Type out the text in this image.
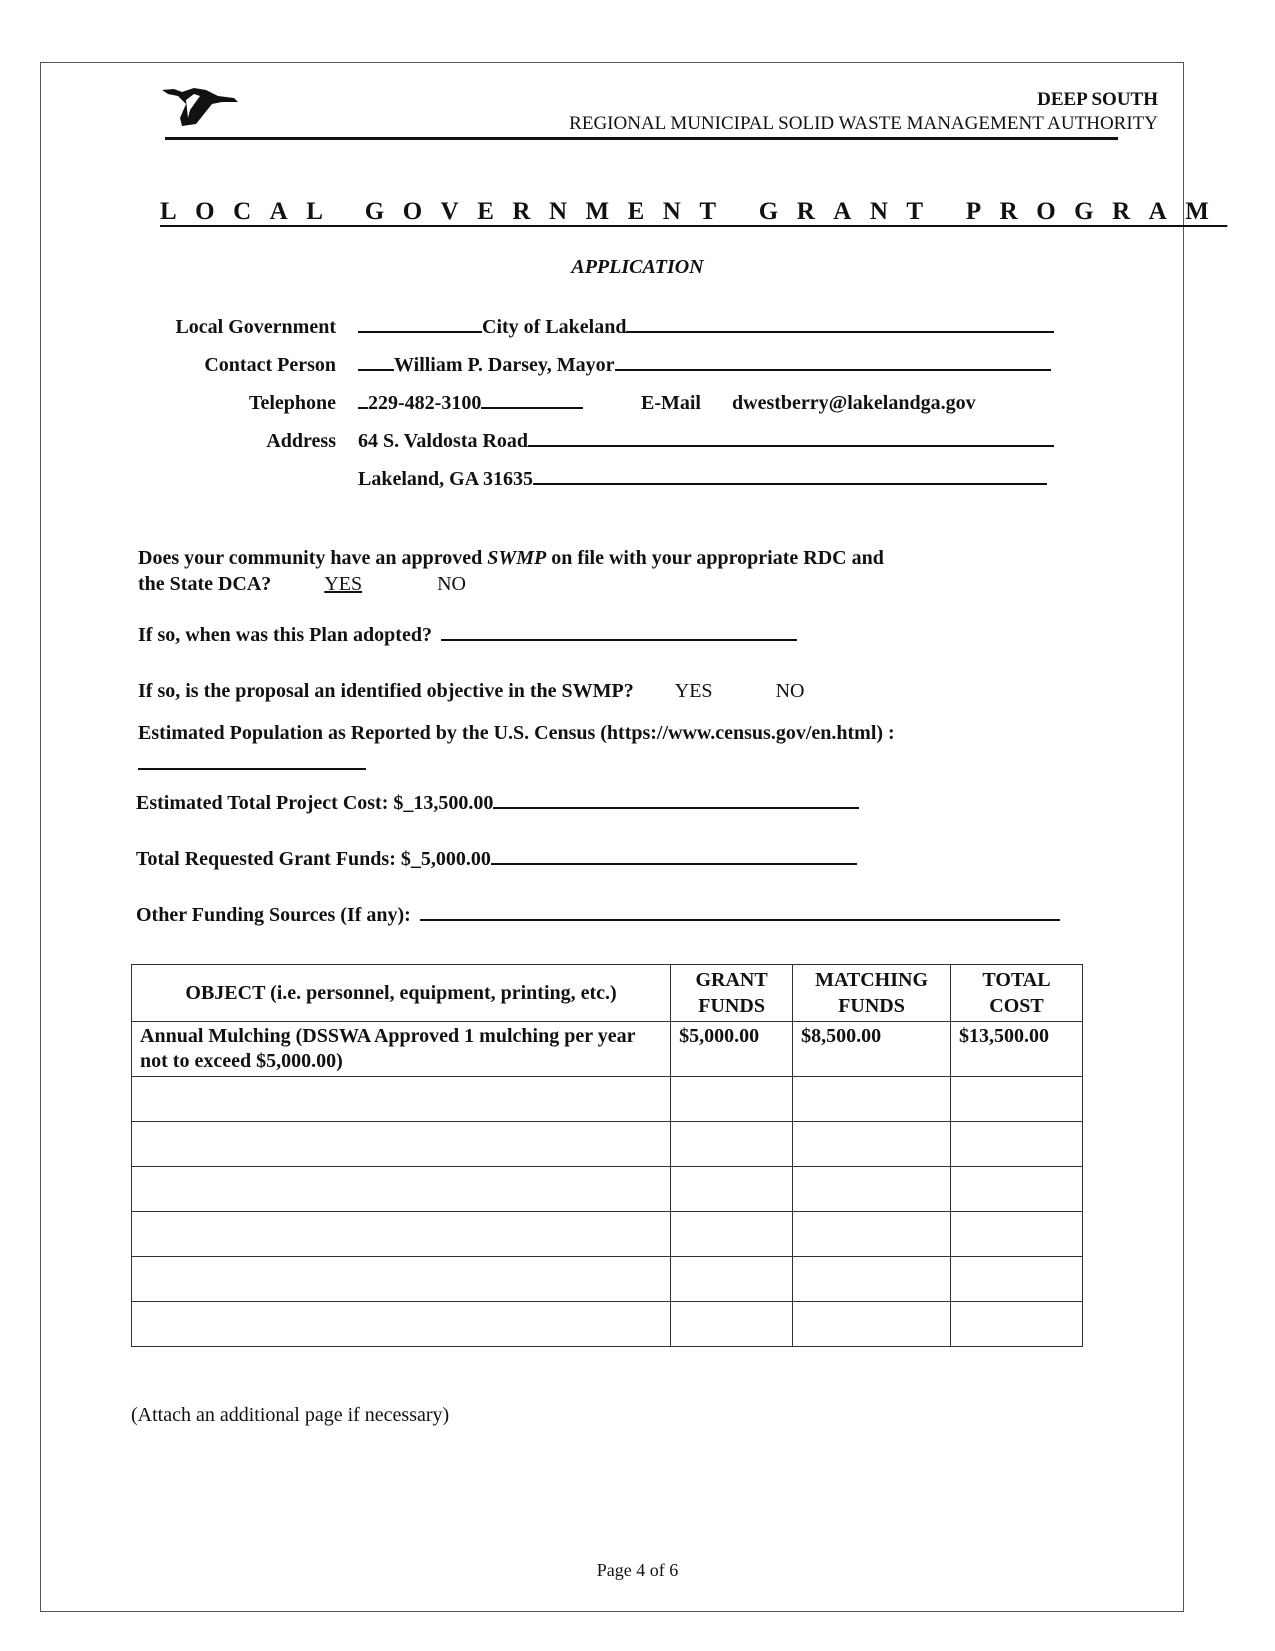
DEEP SOUTH
REGIONAL MUNICIPAL SOLID WASTE MANAGEMENT AUTHORITY
LOCAL GOVERNMENT GRANT PROGRAM
APPLICATION
Local Government	City of Lakeland
Contact Person	William P. Darsey, Mayor
Telephone	229-482-3100	E-Mail dwestberry@lakelandga.gov
Address 64 S. Valdosta Road
Lakeland, GA 31635
Does your community have an approved SWMP on file with your appropriate RDC and
the State DCA?	YES	NO
If so, when was this Plan adopted?
If so, is the proposal an identified objective in the SWMP? YES	NO
Estimated Population as Reported by the U.S. Census (https://www.census.gov/en.html) :
Estimated Total Project Cost: $_13,500.00
Total Requested Grant Funds: $_5,000.00
Other Funding Sources (If any):
OBJECT (i.e. personnel, equipment, printing, etc.)	GRANT FUNDS	MATCHING FUNDS	TOTAL COST
Annual Mulching (DSSWA Approved 1 mulching per year not to exceed $5,000.00)	$5,000.00	$8,500.00	$13,500.00

(Attach an additional page if necessary)
Page 4 of 6
